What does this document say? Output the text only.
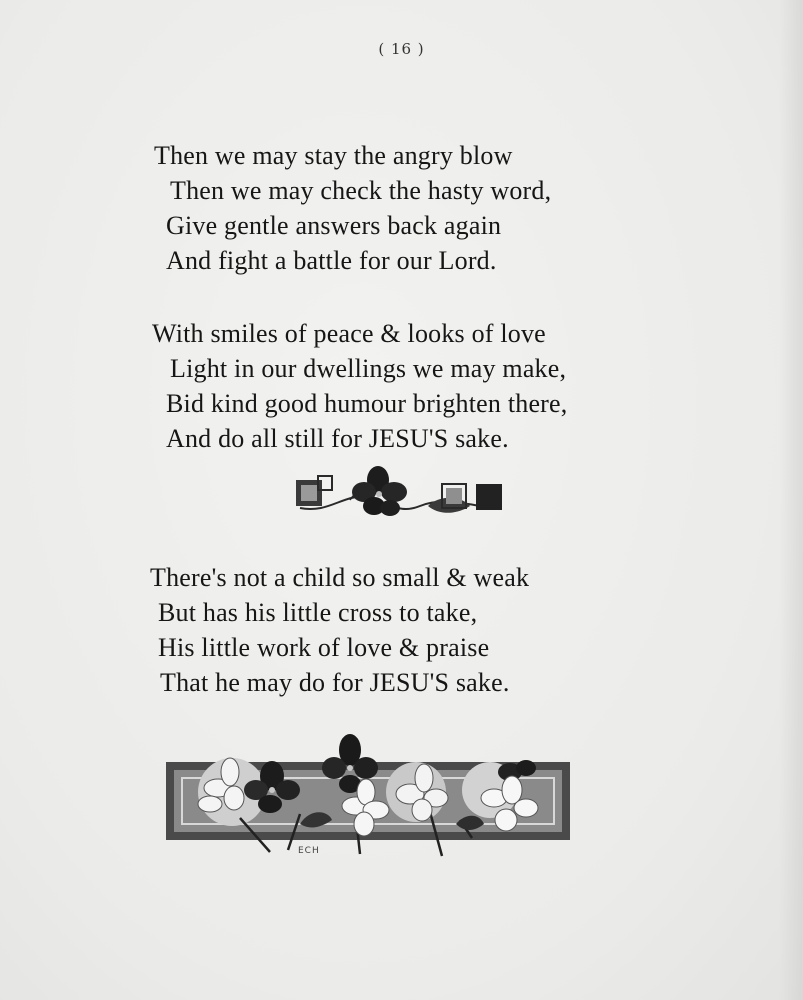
( 16 )
Then we may stay the angry blow
Then we may check the hasty word,
Give gentle answers back again
And fight a battle for our Lord.
With smiles of peace & looks of love
Light in our dwellings we may make,
Bid kind good humour brighten there,
And do all still for JESU'S sake.
There's not a child so small & weak
But has his little cross to take,
His little work of love & praise
That he may do for JESU'S sake.
ECH
